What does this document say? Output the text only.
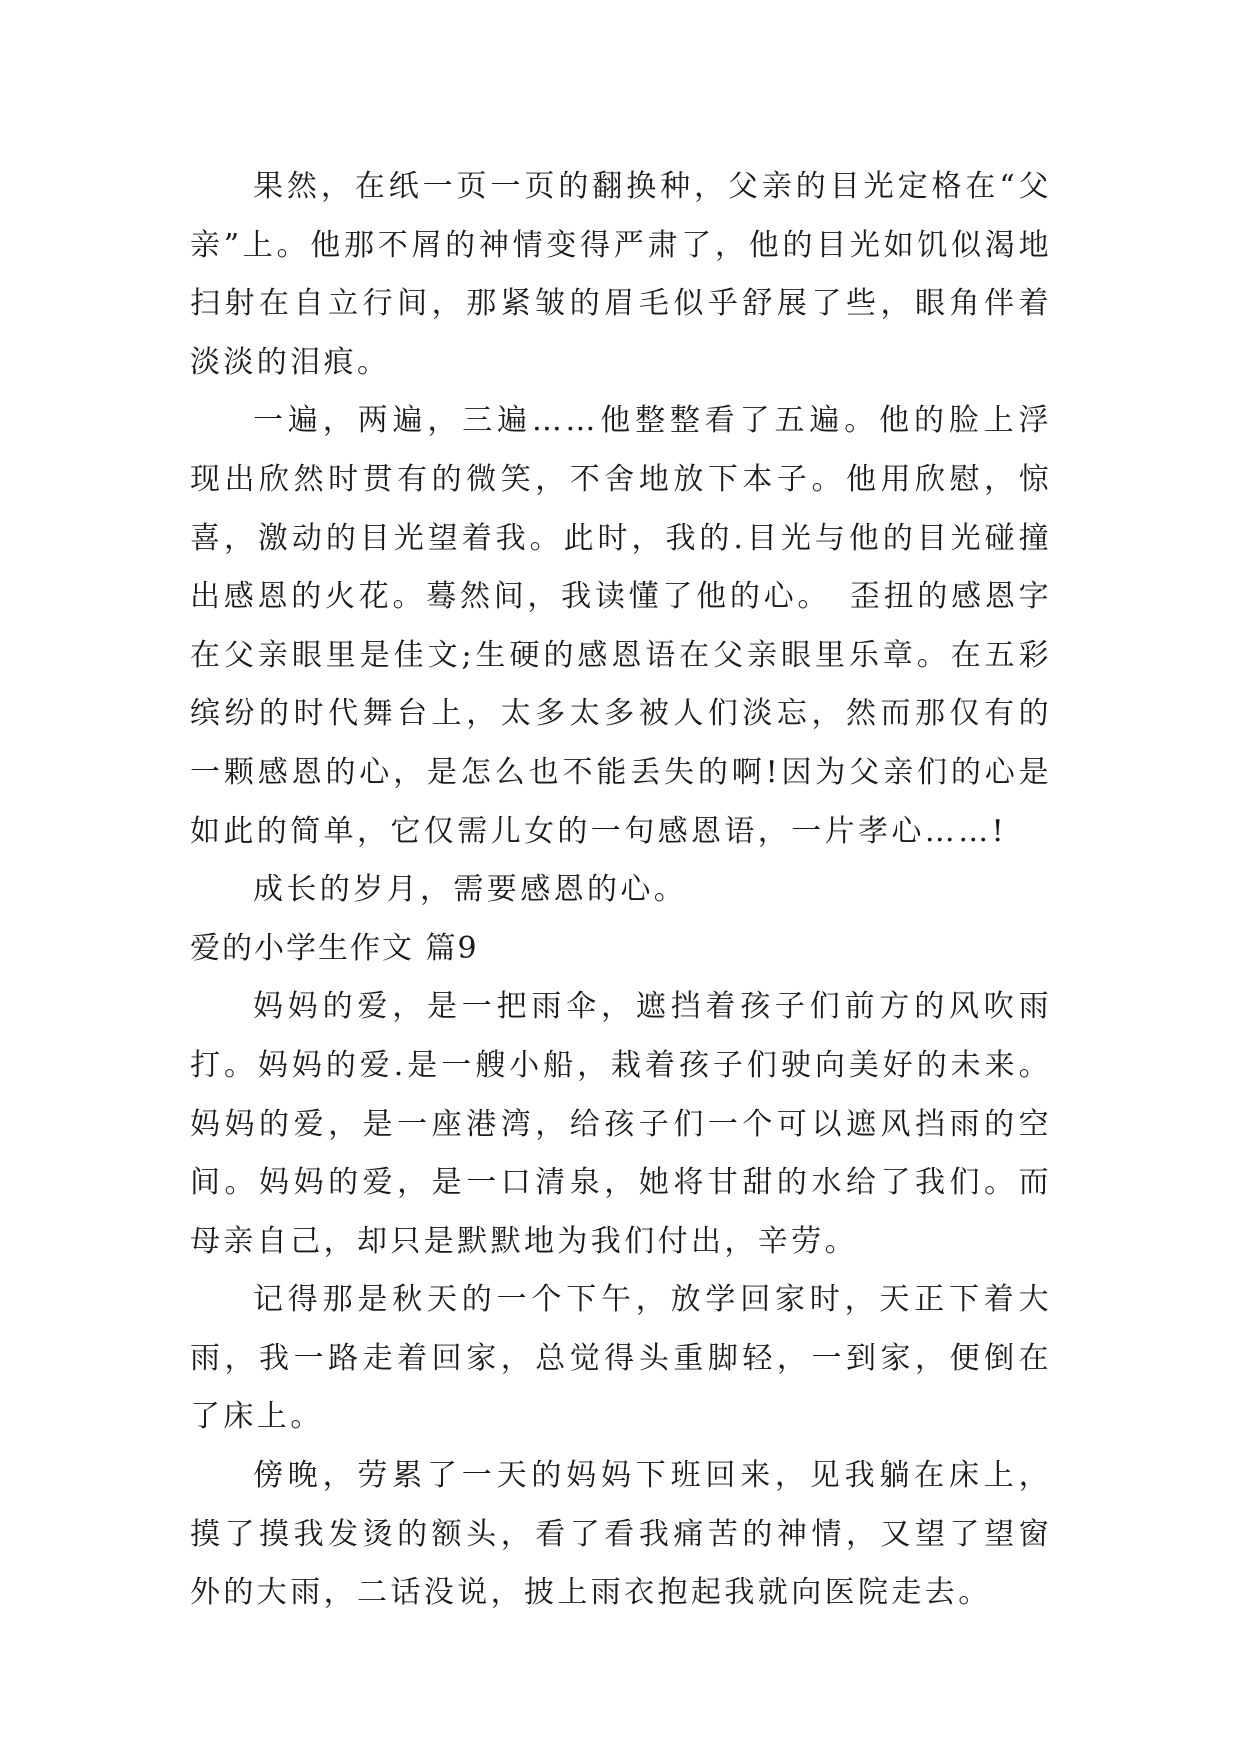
果然，在纸一页一页的翻换种，父亲的目光定格在“父亲”上。他那不屑的神情变得严肃了，他的目光如饥似渴地扫射在自立行间，那紧皱的眉毛似乎舒展了些，眼角伴着淡淡的泪痕。

一遍，两遍，三遍……他整整看了五遍。他的脸上浮现出欣然时贯有的微笑，不舍地放下本子。他用欣慰，惊喜，激动的目光望着我。此时，我的.目光与他的目光碰撞出感恩的火花。蓦然间，我读懂了他的心。　歪扭的感恩字在父亲眼里是佳文;生硬的感恩语在父亲眼里乐章。在五彩缤纷的时代舞台上，太多太多被人们淡忘，然而那仅有的一颗感恩的心，是怎么也不能丢失的啊!因为父亲们的心是如此的简单，它仅需儿女的一句感恩语，一片孝心……!

成长的岁月，需要感恩的心。

爱的小学生作文 篇9

妈妈的爱，是一把雨伞，遮挡着孩子们前方的风吹雨打。妈妈的爱.是一艘小船，栽着孩子们驶向美好的未来。妈妈的爱，是一座港湾，给孩子们一个可以遮风挡雨的空间。妈妈的爱，是一口清泉，她将甘甜的水给了我们。而母亲自己，却只是默默地为我们付出，辛劳。

记得那是秋天的一个下午，放学回家时，天正下着大雨，我一路走着回家，总觉得头重脚轻，一到家，便倒在了床上。

傍晚，劳累了一天的妈妈下班回来，见我躺在床上，摸了摸我发烫的额头，看了看我痛苦的神情，又望了望窗外的大雨，二话没说，披上雨衣抱起我就向医院走去。
